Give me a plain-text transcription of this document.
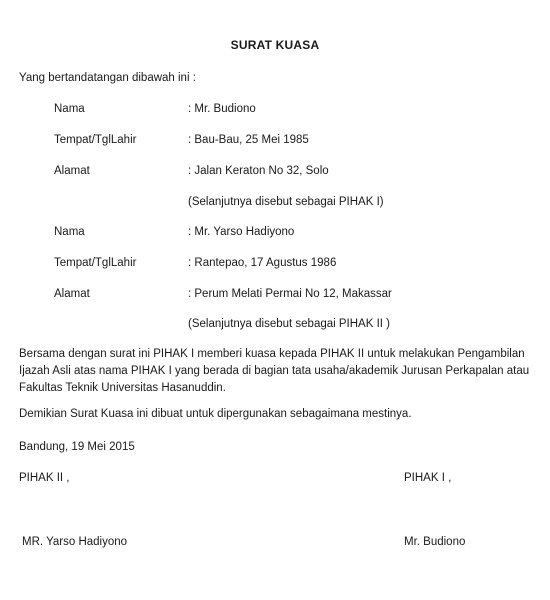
SURAT KUASA
Yang bertandatangan dibawah ini :
Nama	: Mr. Budiono
Tempat/TglLahir	: Bau-Bau, 25 Mei 1985
Alamat	: Jalan Keraton No 32, Solo
(Selanjutnya disebut sebagai PIHAK I)
Nama	: Mr. Yarso Hadiyono
Tempat/TglLahir	: Rantepao, 17 Agustus 1986
Alamat	: Perum Melati Permai No 12, Makassar
(Selanjutnya disebut sebagai PIHAK II )
Bersama dengan surat ini PIHAK I memberi kuasa kepada PIHAK II untuk melakukan Pengambilan
Ijazah Asli atas nama PIHAK I yang berada di bagian tata usaha/akademik Jurusan Perkapalan atau
Fakultas Teknik Universitas Hasanuddin.
Demikian Surat Kuasa ini dibuat untuk dipergunakan sebagaimana mestinya.
Bandung, 19 Mei 2015
PIHAK II ,	PIHAK I ,
MR. Yarso Hadiyono	Mr. Budiono
